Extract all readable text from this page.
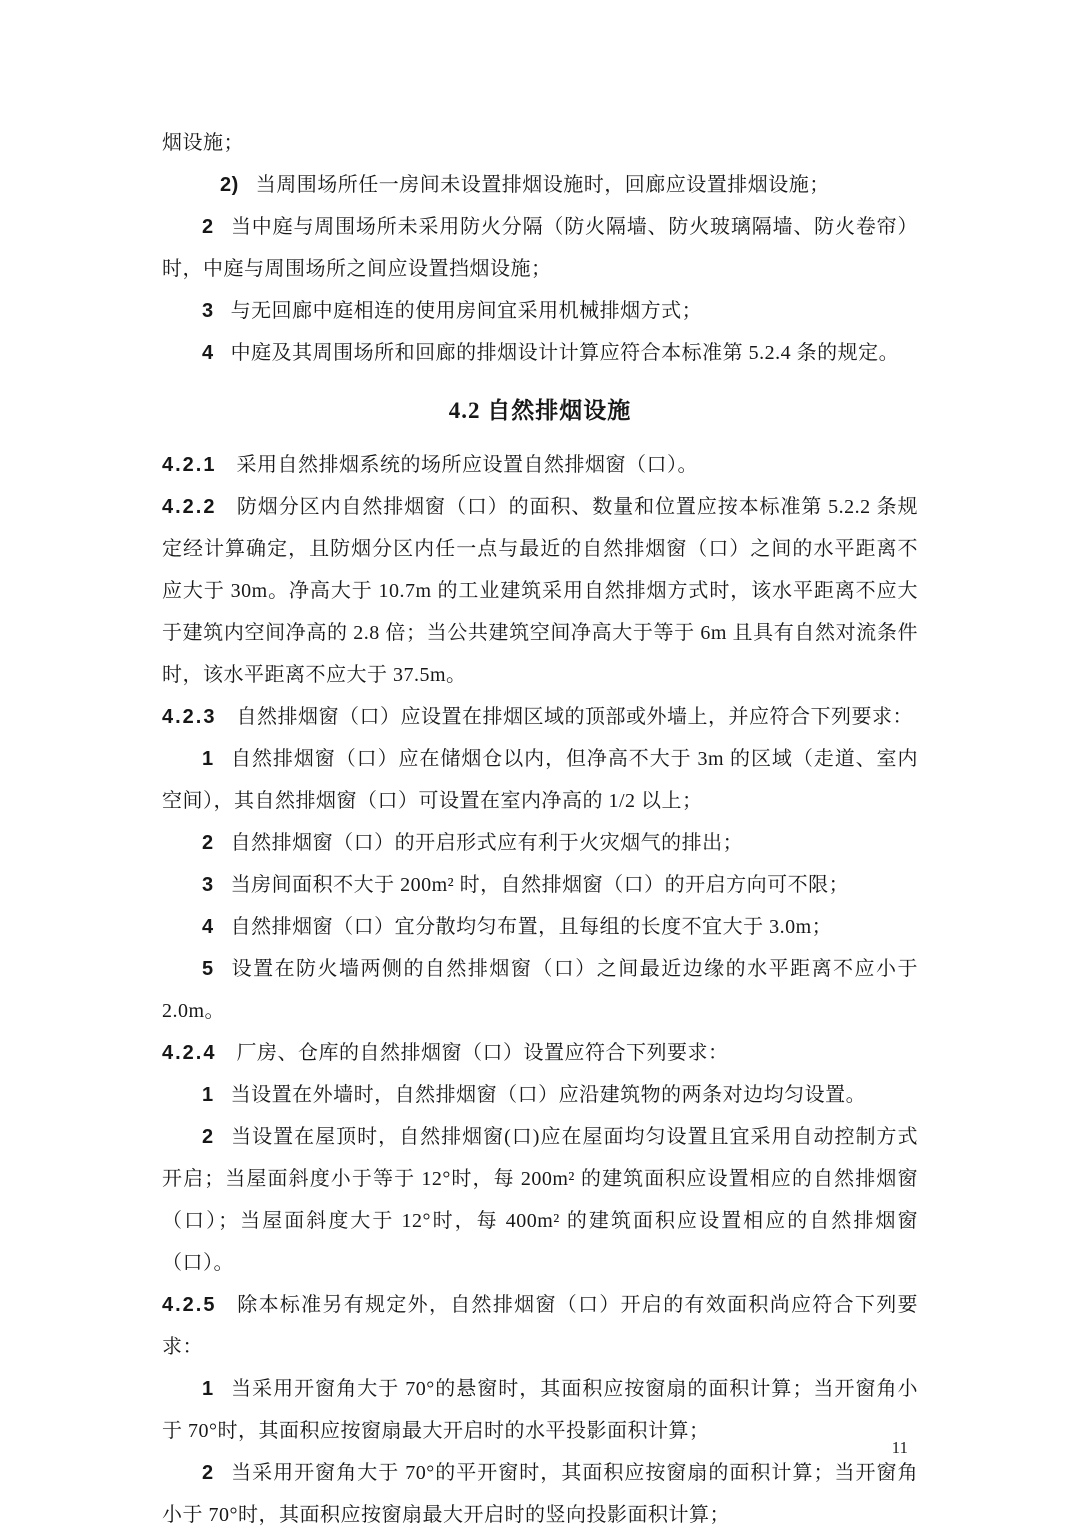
烟设施；

2) 当周围场所任一房间未设置排烟设施时，回廊应设置排烟设施；

2 当中庭与周围场所未采用防火分隔（防火隔墙、防火玻璃隔墙、防火卷帘）时，中庭与周围场所之间应设置挡烟设施；

3 与无回廊中庭相连的使用房间宜采用机械排烟方式；

4 中庭及其周围场所和回廊的排烟设计计算应符合本标准第 5.2.4 条的规定。

4.2 自然排烟设施

4.2.1 采用自然排烟系统的场所应设置自然排烟窗（口）。

4.2.2 防烟分区内自然排烟窗（口）的面积、数量和位置应按本标准第 5.2.2 条规定经计算确定，且防烟分区内任一点与最近的自然排烟窗（口）之间的水平距离不应大于 30m。净高大于 10.7m 的工业建筑采用自然排烟方式时，该水平距离不应大于建筑内空间净高的 2.8 倍；当公共建筑空间净高大于等于 6m 且具有自然对流条件时，该水平距离不应大于 37.5m。

4.2.3 自然排烟窗（口）应设置在排烟区域的顶部或外墙上，并应符合下列要求：

1 自然排烟窗（口）应在储烟仓以内，但净高不大于 3m 的区域（走道、室内空间），其自然排烟窗（口）可设置在室内净高的 1/2 以上；

2 自然排烟窗（口）的开启形式应有利于火灾烟气的排出；

3 当房间面积不大于 200m² 时，自然排烟窗（口）的开启方向可不限；

4 自然排烟窗（口）宜分散均匀布置，且每组的长度不宜大于 3.0m；

5 设置在防火墙两侧的自然排烟窗（口）之间最近边缘的水平距离不应小于 2.0m。

4.2.4 厂房、仓库的自然排烟窗（口）设置应符合下列要求：

1 当设置在外墙时，自然排烟窗（口）应沿建筑物的两条对边均匀设置。

2 当设置在屋顶时，自然排烟窗(口)应在屋面均匀设置且宜采用自动控制方式开启；当屋面斜度小于等于 12°时，每 200m² 的建筑面积应设置相应的自然排烟窗（口）；当屋面斜度大于 12°时，每 400m² 的建筑面积应设置相应的自然排烟窗（口）。

4.2.5 除本标准另有规定外，自然排烟窗（口）开启的有效面积尚应符合下列要求：

1 当采用开窗角大于 70°的悬窗时，其面积应按窗扇的面积计算；当开窗角小于 70°时，其面积应按窗扇最大开启时的水平投影面积计算；

2 当采用开窗角大于 70°的平开窗时，其面积应按窗扇的面积计算；当开窗角小于 70°时，其面积应按窗扇最大开启时的竖向投影面积计算；

11
